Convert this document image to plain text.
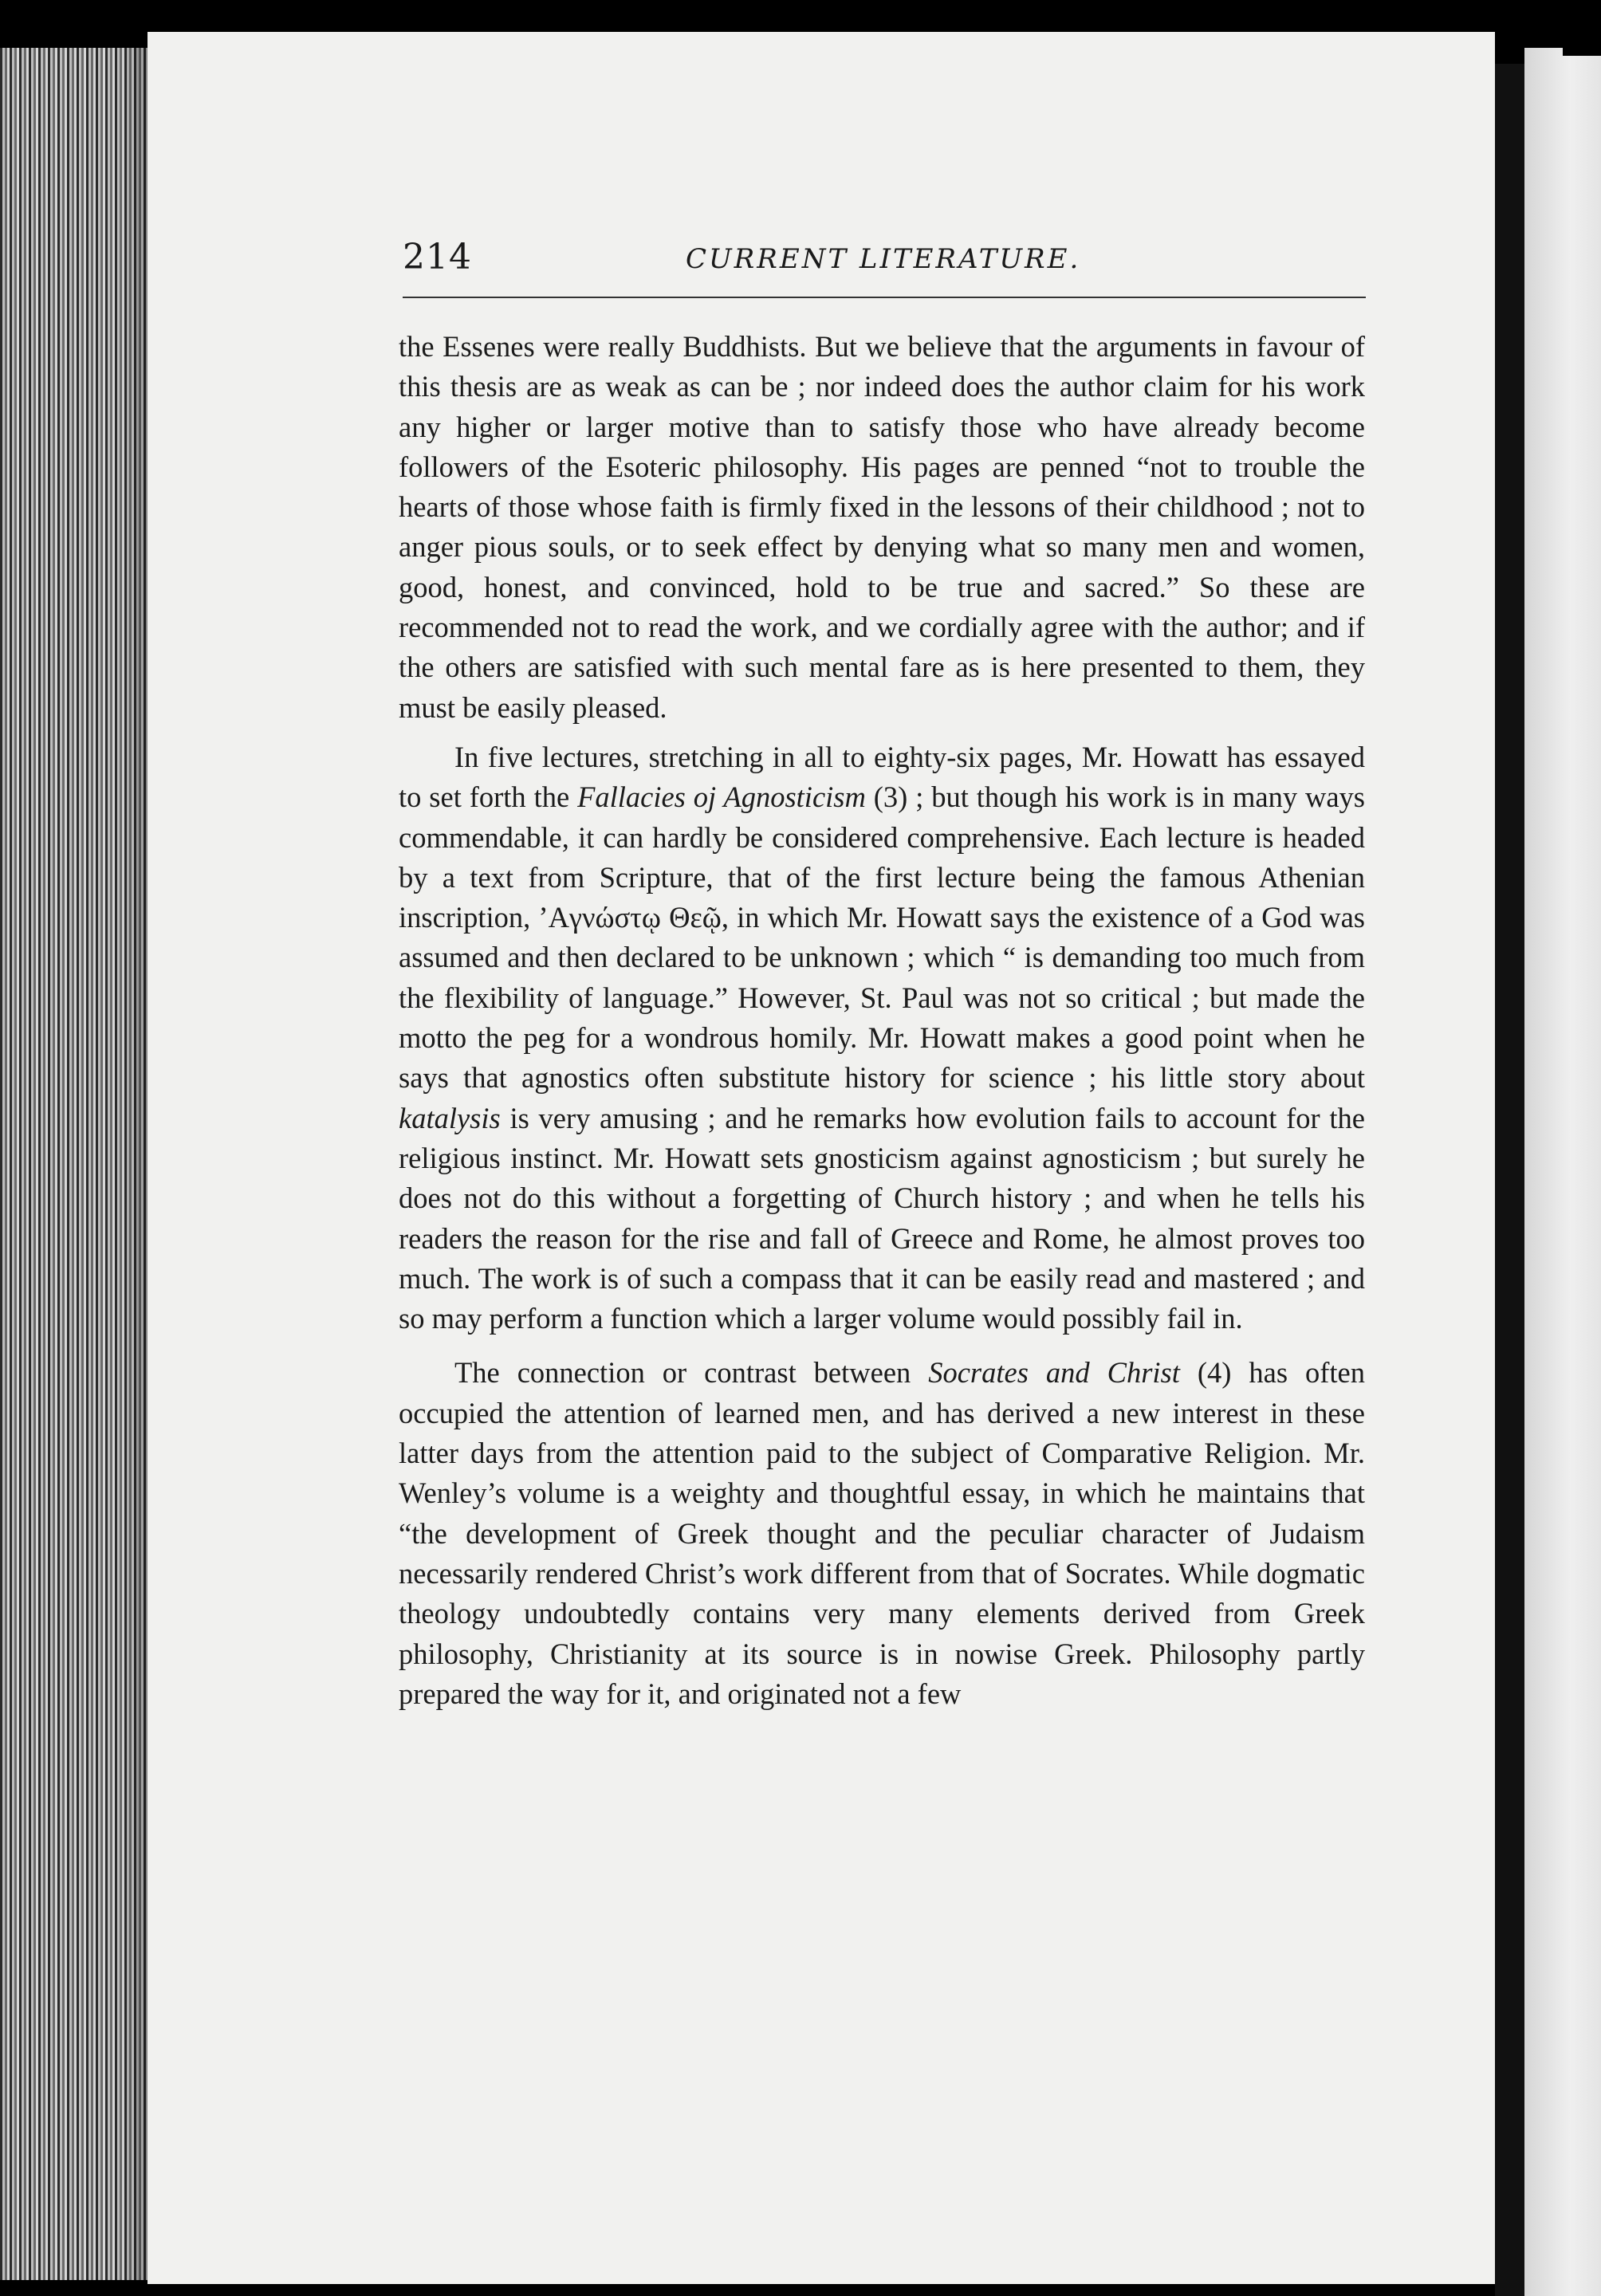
214	CURRENT LITERATURE.

the Essenes were really Buddhists. But we believe that the arguments in favour of this thesis are as weak as can be ; nor indeed does the author claim for his work any higher or larger motive than to satisfy those who have already become followers of the Esoteric philosophy. His pages are penned “not to trouble the hearts of those whose faith is firmly fixed in the lessons of their childhood ; not to anger pious souls, or to seek effect by denying what so many men and women, good, honest, and convinced, hold to be true and sacred.” So these are recommended not to read the work, and we cordially agree with the author; and if the others are satisfied with such mental fare as is here presented to them, they must be easily pleased.

In five lectures, stretching in all to eighty-six pages, Mr. Howatt has essayed to set forth the Fallacies oj Agnosticism (3) ; but though his work is in many ways commendable, it can hardly be considered comprehensive. Each lecture is headed by a text from Scripture, that of the first lecture being the famous Athenian inscription, ’Aγνώστῳ Θεῷ, in which Mr. Howatt says the existence of a God was assumed and then declared to be unknown ; which “ is demanding too much from the flexibility of language.” However, St. Paul was not so critical ; but made the motto the peg for a wondrous homily. Mr. Howatt makes a good point when he says that agnostics often substitute history for science ; his little story about katalysis is very amusing ; and he remarks how evolution fails to account for the religious instinct. Mr. Howatt sets gnosticism against agnosticism ; but surely he does not do this without a forgetting of Church history ; and when he tells his readers the reason for the rise and fall of Greece and Rome, he almost proves too much. The work is of such a compass that it can be easily read and mastered ; and so may perform a function which a larger volume would possibly fail in.

The connection or contrast between Socrates and Christ (4) has often occupied the attention of learned men, and has derived a new interest in these latter days from the attention paid to the subject of Comparative Religion. Mr. Wenley’s volume is a weighty and thoughtful essay, in which he maintains that “the development of Greek thought and the peculiar character of Judaism necessarily rendered Christ’s work different from that of Socrates. While dogmatic theology undoubtedly contains very many elements derived from Greek philosophy, Christianity at its source is in nowise Greek. Philosophy partly prepared the way for it, and originated not a few
